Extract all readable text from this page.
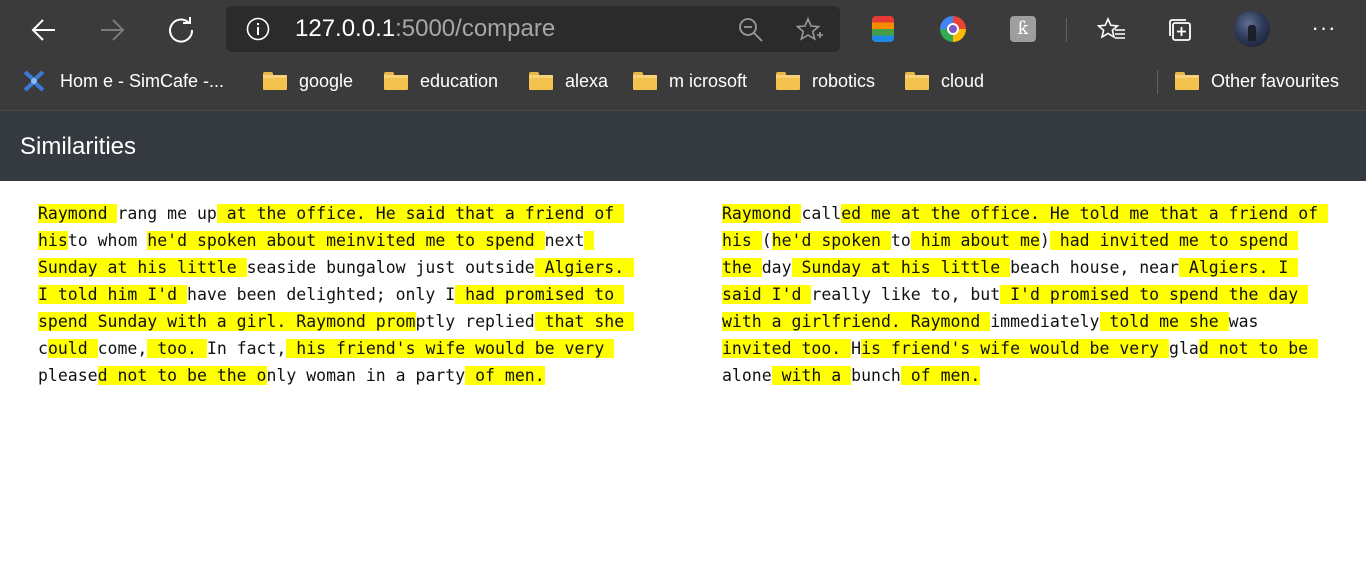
127.0.0.1:5000/compare	ƙ	···
Hom e - SimCafe -...	google	education	alexa	m icrosoft	robotics	cloud	Other favourites
Similarities
Raymond rang me up at the office. He said that a friend of
histo whom he'd spoken about meinvited me to spend next
Sunday at his little seaside bungalow just outside Algiers.
I told him I'd have been delighted; only I had promised to
spend Sunday with a girl. Raymond promptly replied that she
could come, too. In fact, his friend's wife would be very
pleased not to be the only woman in a party of men.
Raymond called me at the office. He told me that a friend of
his (he'd spoken to him about me) had invited me to spend
the day Sunday at his little beach house, near Algiers. I
said I'd really like to, but I'd promised to spend the day
with a girlfriend. Raymond immediately told me she was
invited too. His friend's wife would be very glad not to be
alone with a bunch of men.
